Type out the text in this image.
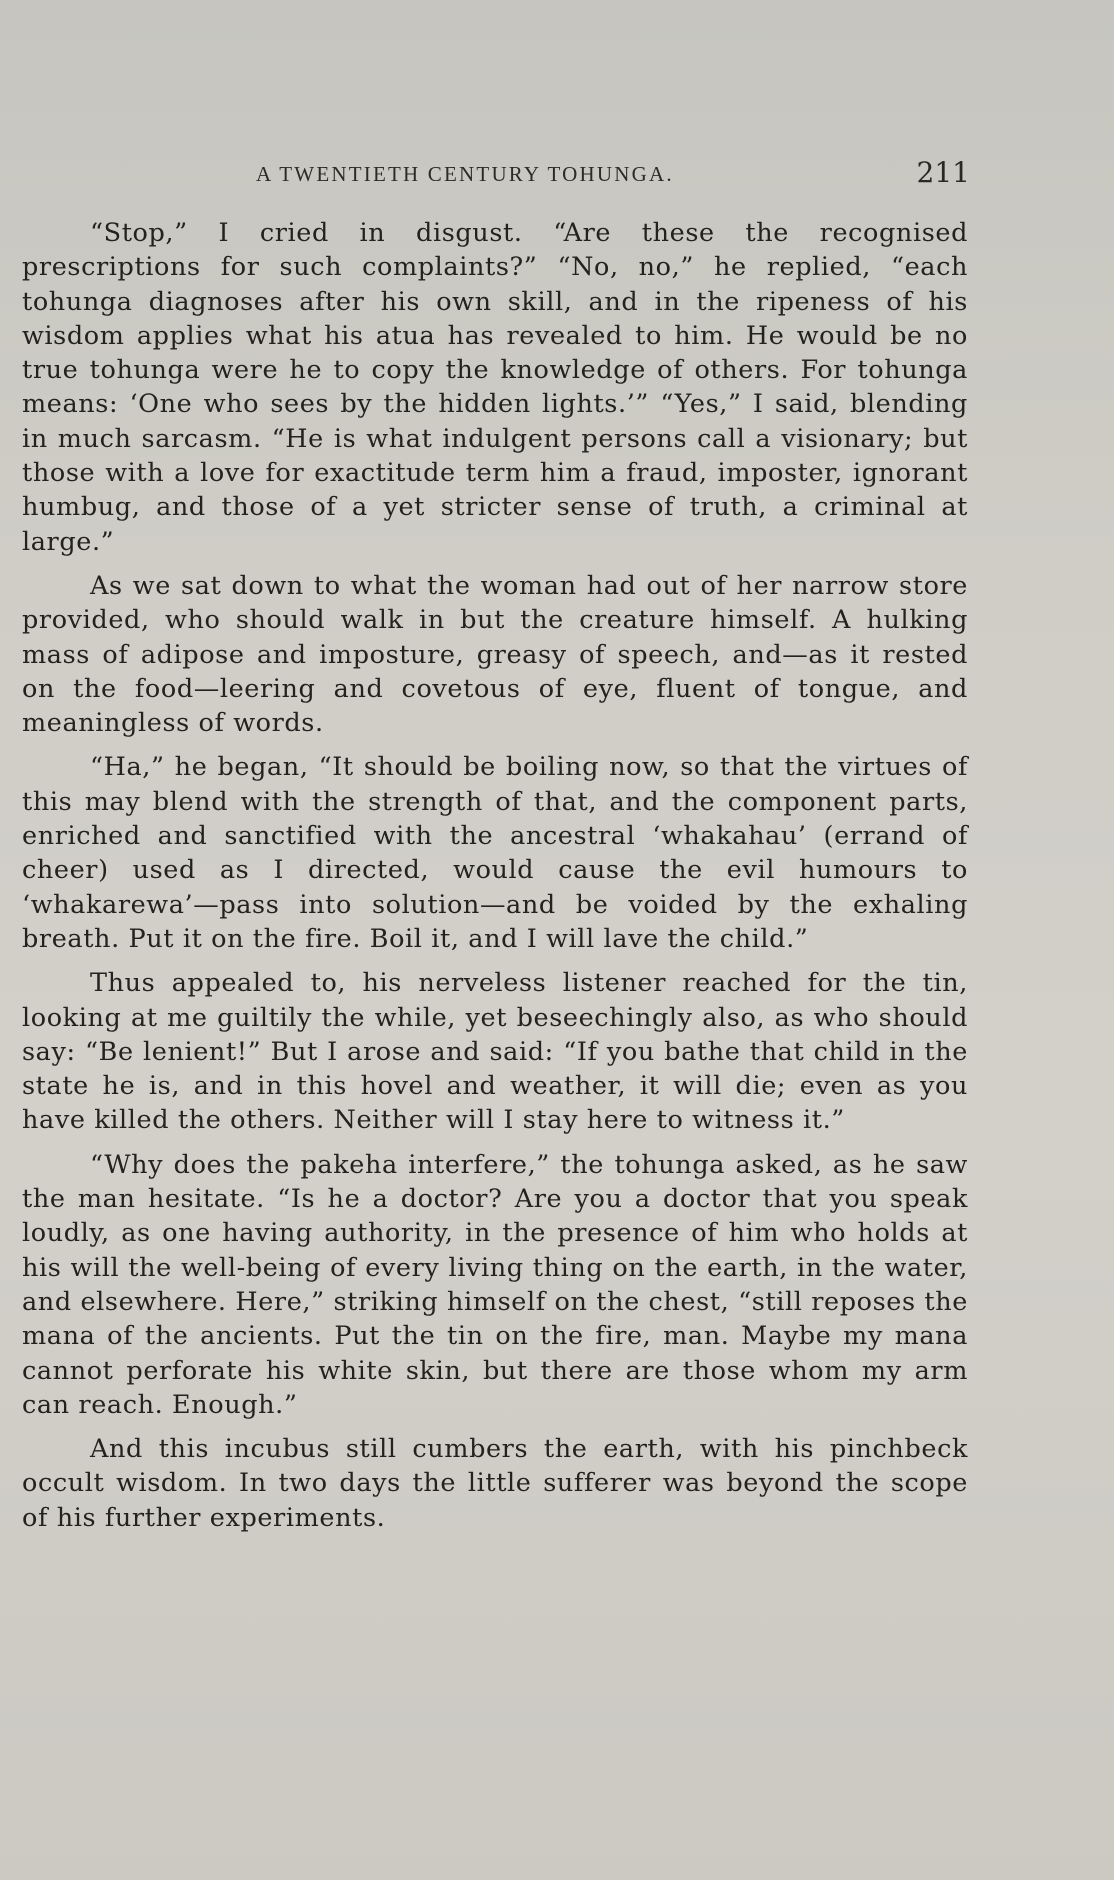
A TWENTIETH CENTURY TOHUNGA.	211

“Stop,” I cried in disgust. “Are these the recognised prescriptions for such complaints?” “No, no,” he replied, “each tohunga diagnoses after his own skill, and in the ripeness of his wisdom applies what his atua has revealed to him. He would be no true tohunga were he to copy the knowledge of others. For tohunga means: ‘One who sees by the hidden lights.’” “Yes,” I said, blending in much sarcasm. “He is what indulgent persons call a visionary; but those with a love for exactitude term him a fraud, imposter, ignorant humbug, and those of a yet stricter sense of truth, a criminal at large.”

As we sat down to what the woman had out of her narrow store provided, who should walk in but the creature himself. A hulking mass of adipose and imposture, greasy of speech, and—as it rested on the food—leering and covetous of eye, fluent of tongue, and meaningless of words.

“Ha,” he began, “It should be boiling now, so that the virtues of this may blend with the strength of that, and the component parts, enriched and sanctified with the ancestral ‘whakahau’ (errand of cheer) used as I directed, would cause the evil humours to ‘whakarewa’—pass into solution—and be voided by the exhaling breath. Put it on the fire. Boil it, and I will lave the child.”

Thus appealed to, his nerveless listener reached for the tin, looking at me guiltily the while, yet beseechingly also, as who should say: “Be lenient!” But I arose and said: “If you bathe that child in the state he is, and in this hovel and weather, it will die; even as you have killed the others. Neither will I stay here to witness it.”

“Why does the pakeha interfere,” the tohunga asked, as he saw the man hesitate. “Is he a doctor? Are you a doctor that you speak loudly, as one having authority, in the presence of him who holds at his will the well-being of every living thing on the earth, in the water, and elsewhere. Here,” striking himself on the chest, “still reposes the mana of the ancients. Put the tin on the fire, man. Maybe my mana cannot perforate his white skin, but there are those whom my arm can reach. Enough.”

And this incubus still cumbers the earth, with his pinchbeck occult wisdom. In two days the little sufferer was beyond the scope of his further experiments.
